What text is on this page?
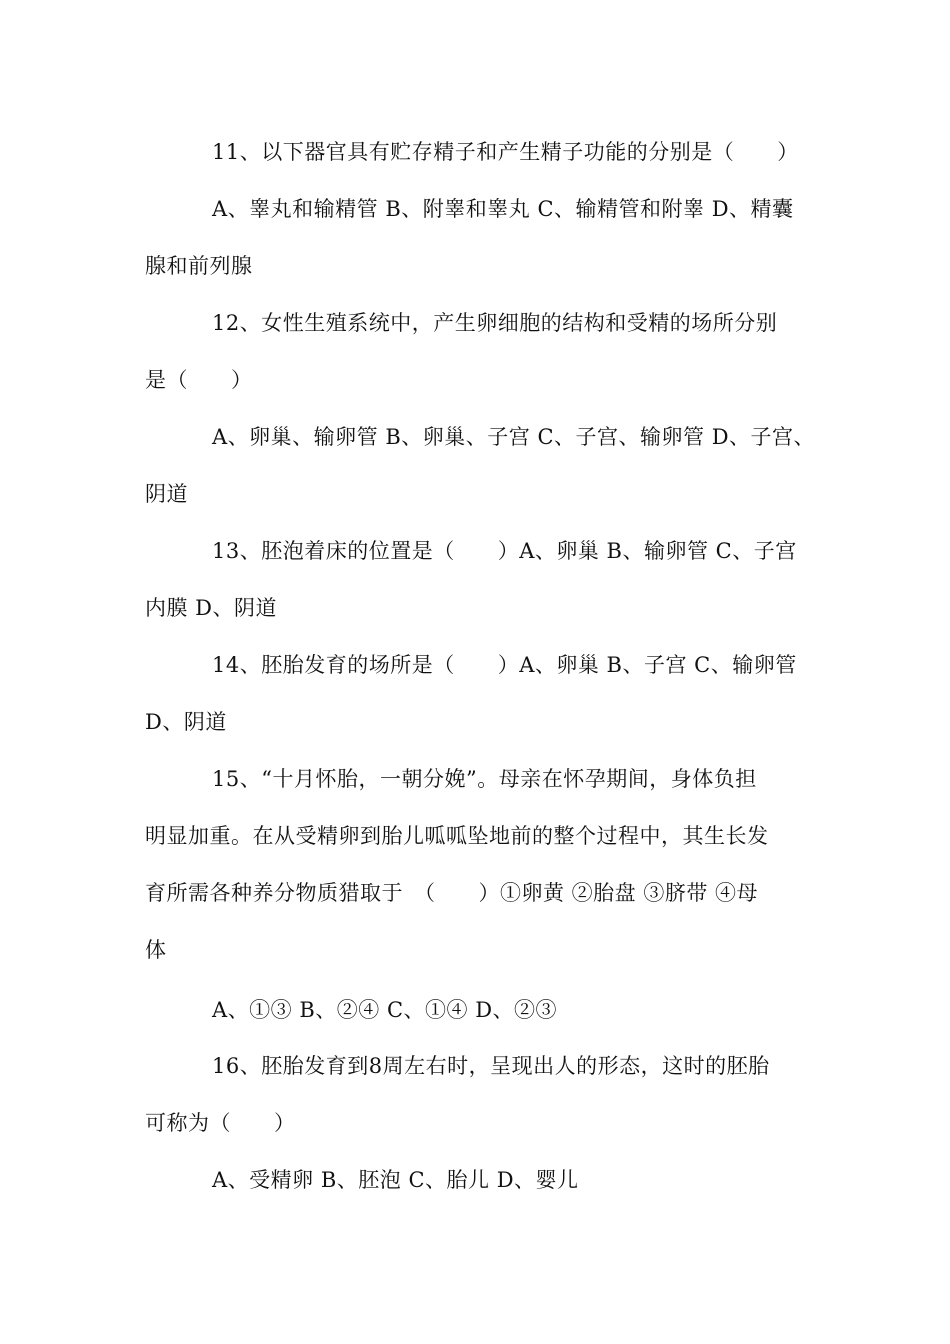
11、以下器官具有贮存精子和产生精子功能的分别是（　　）
A、睾丸和输精管 B、附睾和睾丸 C、输精管和附睾 D、精囊
腺和前列腺
12、女性生殖系统中，产生卵细胞的结构和受精的场所分别
是（　　）
A、卵巢、输卵管 B、卵巢、子宫 C、子宫、输卵管 D、子宫、
阴道
13、胚泡着床的位置是（　　）A、卵巢 B、输卵管 C、子宫
内膜 D、阴道
14、胚胎发育的场所是（　　）A、卵巢 B、子宫 C、输卵管
D、阴道
15、“十月怀胎，一朝分娩”。母亲在怀孕期间，身体负担
明显加重。在从受精卵到胎儿呱呱坠地前的整个过程中，其生长发
育所需各种养分物质猎取于　（　　）①卵黄 ②胎盘 ③脐带 ④母
体
A、①③ B、②④ C、①④ D、②③
16、胚胎发育到8周左右时，呈现出人的形态，这时的胚胎
可称为（　　）
A、受精卵 B、胚泡 C、胎儿 D、婴儿
